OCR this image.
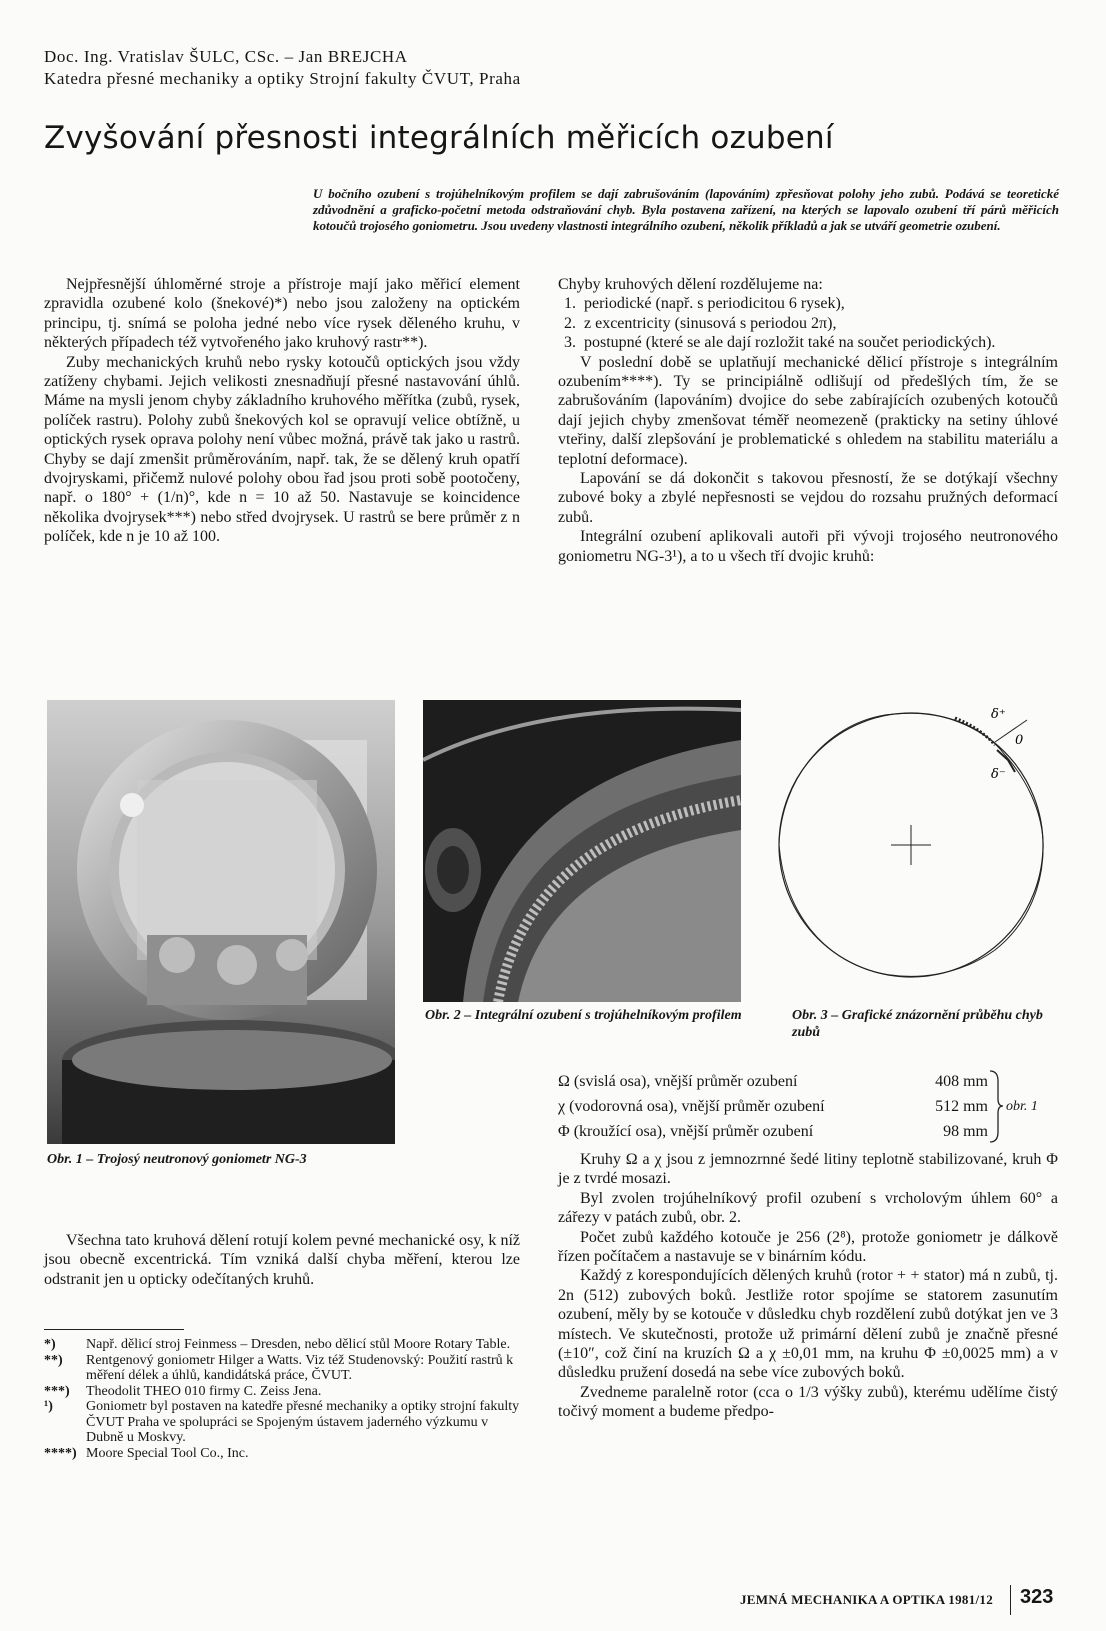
Doc. Ing. Vratislav ŠULC, CSc. – Jan BREJCHA
Katedra přesné mechaniky a optiky Strojní fakulty ČVUT, Praha
Zvyšování přesnosti integrálních měřicích ozubení
U bočního ozubení s trojúhelníkovým profilem se dají zabrušováním (lapováním) zpřesňovat polohy jeho zubů. Podává se teoretické zdůvodnění a graficko-početní metoda odstraňování chyb. Byla postavena zařízení, na kterých se lapovalo ozubení tří párů měřicích kotoučů trojosého goniometru. Jsou uvedeny vlastnosti integrálního ozubení, několik příkladů a jak se utváří geometrie ozubení.

Nejpřesnější úhloměrné stroje a přístroje mají jako měřicí element zpravidla ozubené kolo (šnekové)*) nebo jsou založeny na optickém principu, tj. snímá se poloha jedné nebo více rysek děleného kruhu, v některých případech též vytvořeného jako kruhový rastr**).

Zuby mechanických kruhů nebo rysky kotoučů optických jsou vždy zatíženy chybami. Jejich velikosti znesnadňují přesné nastavování úhlů. Máme na mysli jenom chyby základního kruhového měřítka (zubů, rysek, políček rastru). Polohy zubů šnekových kol se opravují velice obtížně, u optických rysek oprava polohy není vůbec možná, právě tak jako u rastrů. Chyby se dají zmenšit průměrováním, např. tak, že se dělený kruh opatří dvojryskami, přičemž nulové polohy obou řad jsou proti sobě pootočeny, např. o 180° + (1/n)°, kde n = 10 až 50. Nastavuje se koincidence několika dvojrysek***) nebo střed dvojrysek. U rastrů se bere průměr z n políček, kde n je 10 až 100.

Chyby kruhových dělení rozdělujeme na:

1. periodické (např. s periodicitou 6 rysek),
2. z excentricity (sinusová s periodou 2π),
3. postupné (které se ale dají rozložit také na součet periodických).

V poslední době se uplatňují mechanické dělicí přístroje s integrálním ozubením****). Ty se principiálně odlišují od předešlých tím, že se zabrušováním (lapováním) dvojice do sebe zabírajících ozubených kotoučů dají jejich chyby zmenšovat téměř neomezeně (prakticky na setiny úhlové vteřiny, další zlepšování je problematické s ohledem na stabilitu materiálu a teplotní deformace).

Lapování se dá dokončit s takovou přesností, že se dotýkají všechny zubové boky a zbylé nepřesnosti se vejdou do rozsahu pružných deformací zubů.

Integrální ozubení aplikovali autoři při vývoji trojosého neutronového goniometru NG-3¹), a to u všech tří dvojic kruhů:

Obr. 1 – Trojosý neutronový goniometr NG-3
Obr. 2 – Integrální ozubení s trojúhelníkovým profilem
δ⁺
0
δ⁻
Obr. 3 – Grafické znázornění průběhu chyb zubů
Ω (svislá osa), vnější průměr ozubení	408 mm
χ (vodorovná osa), vnější průměr ozubení	512 mm
Φ (kroužící osa), vnější průměr ozubení	98 mm
obr. 1

Kruhy Ω a χ jsou z jemnozrnné šedé litiny teplotně stabilizované, kruh Φ je z tvrdé mosazi.

Byl zvolen trojúhelníkový profil ozubení s vrcholovým úhlem 60° a zářezy v patách zubů, obr. 2.

Počet zubů každého kotouče je 256 (2⁸), protože goniometr je dálkově řízen počítačem a nastavuje se v binárním kódu.

Každý z korespondujících dělených kruhů (rotor + + stator) má n zubů, tj. 2n (512) zubových boků. Jestliže rotor spojíme se statorem zasunutím ozubení, měly by se kotouče v důsledku chyb rozdělení zubů dotýkat jen ve 3 místech. Ve skutečnosti, protože už primární dělení zubů je značně přesné (±10″, což činí na kruzích Ω a χ ±0,01 mm, na kruhu Φ ±0,0025 mm) a v důsledku pružení dosedá na sebe více zubových boků.

Zvedneme paralelně rotor (cca o 1/3 výšky zubů), kterému udělíme čistý točivý moment a budeme předpo-

Všechna tato kruhová dělení rotují kolem pevné mechanické osy, k níž jsou obecně excentrická. Tím vzniká další chyba měření, kterou lze odstranit jen u opticky odečítaných kruhů.

*)	Např. dělicí stroj Feinmess – Dresden, nebo dělicí stůl Moore Rotary Table.
**)	Rentgenový goniometr Hilger a Watts. Viz též Studenovský: Použití rastrů k měření délek a úhlů, kandidátská práce, ČVUT.
***)	Theodolit THEO 010 firmy C. Zeiss Jena.
¹)	Goniometr byl postaven na katedře přesné mechaniky a optiky strojní fakulty ČVUT Praha ve spolupráci se Spojeným ústavem jaderného výzkumu v Dubně u Moskvy.
****) Moore Special Tool Co., Inc.
JEMNÁ MECHANIKA A OPTIKA 1981/12 323
